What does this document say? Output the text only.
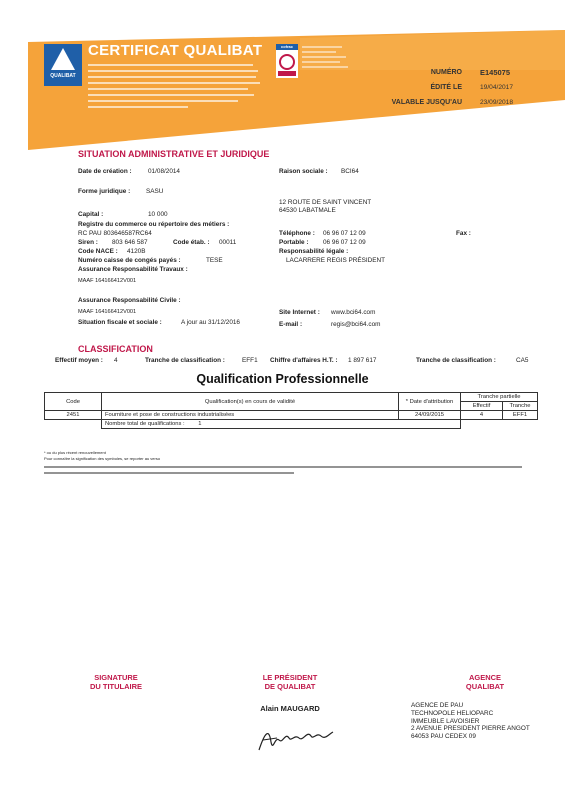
QUALIBAT
CERTIFICAT QUALIBAT	cofrac
NUMÉRO E145075
ÉDITÉ LE	19/04/2017
VALABLE JUSQU'AU	23/09/2018
SITUATION ADMINISTRATIVE ET JURIDIQUE
Date de création :	01/08/2014	Raison sociale : BCI64
Forme juridique : SASU
12 ROUTE DE SAINT VINCENT
64530 LABATMALE
Capital :	10 000
Registre du commerce ou répertoire des métiers :
RC PAU 803646587RC64
Siren : 803 646 587	Code étab. : 00011
Téléphone : 06 96 07 12 09	Fax :
Portable : 06 96 07 12 09
Code NACE : 4120B	Responsabilité légale :
LACARRERE REGIS PRÉSIDENT
Numéro caisse de congés payés :	TESE
Assurance Responsabilité Travaux :
MAAF 164166412V001
Assurance Responsabilité Civile :
MAAF 164166412V001	Site Internet : www.bci64.com
Situation fiscale et sociale :	A jour au 31/12/2016	E-mail :	regis@bci64.com
CLASSIFICATION
Effectif moyen : 4	Tranche de classification :	EFF1 Chiffre d'affaires H.T. : 1 897 617	Tranche de classification :	CA5
Qualification Professionnelle
Code	Qualification(s) en cours de validité	* Date d'attribution	Tranche partielle	
			Effectif	Tranche
2451	Fourniture et pose de constructions industrialisées	24/09/2015	4	EFF1
	Nombre total de qualifications : 1			
* ou du plus récent renouvellement
Pour connaître la signification des symboles, se reporter au verso
SIGNATURE
DU TITULAIRE
LE PRÉSIDENT
DE QUALIBAT
Alain MAUGARD
AGENCE
QUALIBAT
AGENCE DE PAU
TECHNOPOLE HELIOPARC
IMMEUBLE LAVOISIER
2 AVENUE PRESIDENT PIERRE ANGOT
64053 PAU CEDEX 09
